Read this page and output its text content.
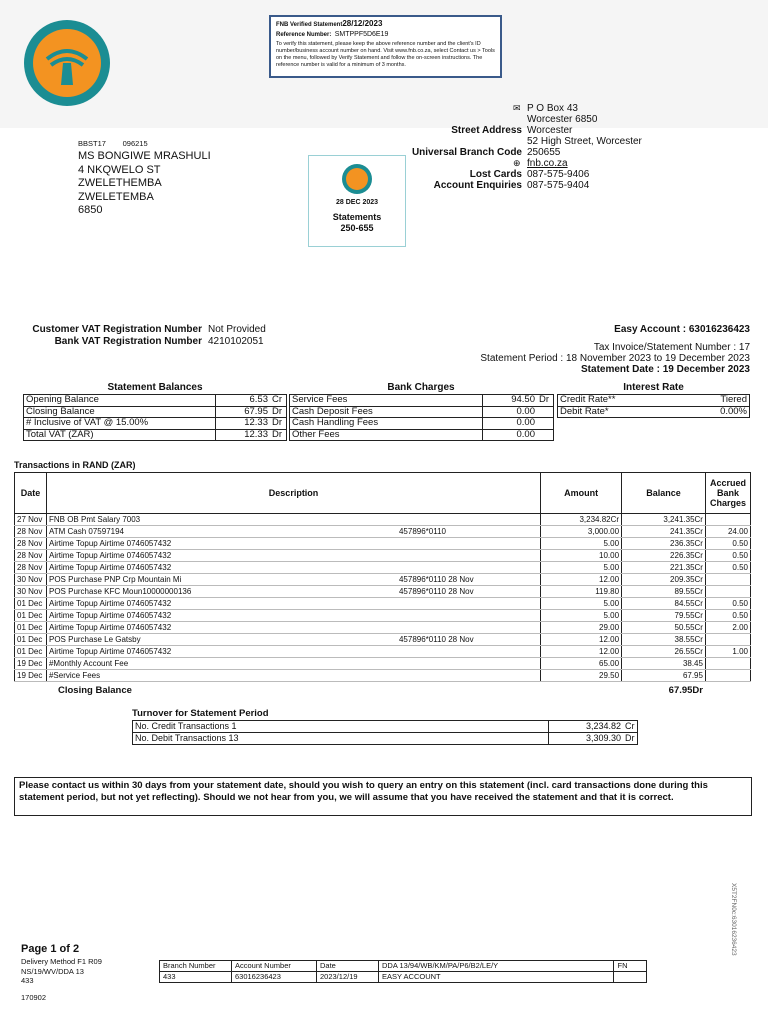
FNB Verified Statement28/12/2023
Reference Number: SMTPPF5D6E19
To verify this statement, please keep the above reference number and the client's ID number/business account number on hand. Visit www.fnb.co.za, select Contact us > Tools on the menu, followed by Verify Statement and follow the on-screen instructions. The reference number is valid for a minimum of 3 months.
BBST17 096215
MS BONGIWE MRASHULI
4 NKQWELO ST
ZWELETHEMBA
ZWELETEMBA
6850
28 DEC 2023
Statements
250-655
✉ P O Box 43
Worcester 6850
Street Address Worcester
52 High Street, Worcester
Universal Branch Code 250655
⊕ fnb.co.za
Lost Cards 087-575-9406
Account Enquiries 087-575-9404
Customer VAT Registration Number Not Provided
Bank VAT Registration Number 4210102051
Easy Account : 63016236423
Tax Invoice/Statement Number : 17
Statement Period : 18 November 2023 to 19 December 2023
Statement Date : 19 December 2023
Statement Balances	Bank Charges	Interest Rate
Opening Balance	6.53	Cr
Closing Balance	67.95	Dr
# Inclusive of VAT @ 15.00%	12.33	Dr
Total VAT (ZAR)	12.33	Dr
Service Fees	94.50	Dr
Cash Deposit Fees	0.00	
Cash Handling Fees	0.00	
Other Fees	0.00	
Credit Rate**	Tiered
Debit Rate*	0.00%
Transactions in RAND (ZAR)
Date	Description	Amount	Balance	Accrued Bank Charges
27 Nov	FNB OB Pmt Salary 7003	3,234.82Cr	3,241.35Cr	
28 Nov	ATM Cash 07597194 457896*0110	3,000.00	241.35Cr	24.00
28 Nov	Airtime Topup Airtime 0746057432	5.00	236.35Cr	0.50
28 Nov	Airtime Topup Airtime 0746057432	10.00	226.35Cr	0.50
28 Nov	Airtime Topup Airtime 0746057432	5.00	221.35Cr	0.50
30 Nov	POS Purchase PNP Crp Mountain Mi 457896*0110 28 Nov	12.00	209.35Cr	
30 Nov	POS Purchase KFC Moun10000000136 457896*0110 28 Nov	119.80	89.55Cr	
01 Dec	Airtime Topup Airtime 0746057432	5.00	84.55Cr	0.50
01 Dec	Airtime Topup Airtime 0746057432	5.00	79.55Cr	0.50
01 Dec	Airtime Topup Airtime 0746057432	29.00	50.55Cr	2.00
01 Dec	POS Purchase Le Gatsby 457896*0110 28 Nov	12.00	38.55Cr	
01 Dec	Airtime Topup Airtime 0746057432	12.00	26.55Cr	1.00
19 Dec	#Monthly Account Fee	65.00	38.45	
19 Dec	#Service Fees	29.50	67.95	
Closing Balance	67.95Dr
Turnover for Statement Period
No. Credit Transactions 1	3,234.82	Cr
No. Debit Transactions 13	3,309.30	Dr
Please contact us within 30 days from your statement date, should you wish to query an entry on this statement (incl. card transactions done during this statement period, but not yet reflecting). Should we not hear from you, we will assume that you have received the statement and that it is correct.
X5T2FN0c:63016236423
Page 1 of 2
Delivery Method F1 R09
NS/19/WV/DDA 13
433
170902
Branch Number	Account Number	Date	DDA 13/94/WB/KM/PA/P6/B2/LE/Y	FN
433	63016236423	2023/12/19	EASY ACCOUNT	
